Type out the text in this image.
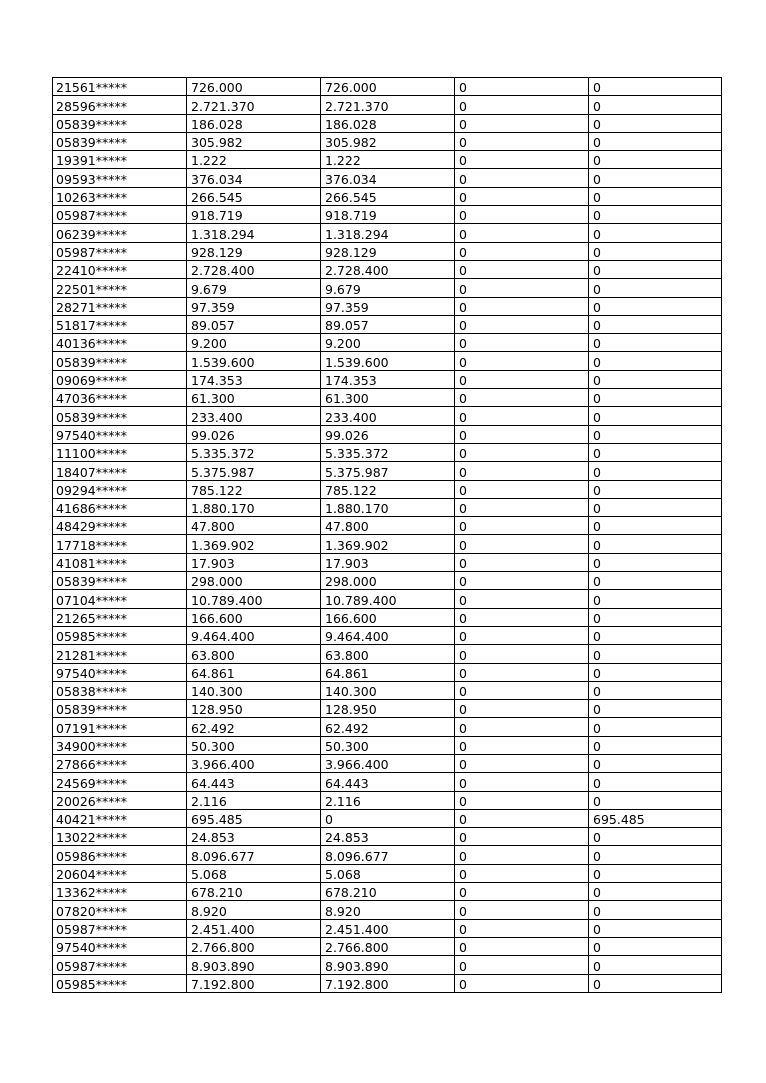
21561*****	726.000	726.000	0	0
28596*****	2.721.370	2.721.370	0	0
05839*****	186.028	186.028	0	0
05839*****	305.982	305.982	0	0
19391*****	1.222	1.222	0	0
09593*****	376.034	376.034	0	0
10263*****	266.545	266.545	0	0
05987*****	918.719	918.719	0	0
06239*****	1.318.294	1.318.294	0	0
05987*****	928.129	928.129	0	0
22410*****	2.728.400	2.728.400	0	0
22501*****	9.679	9.679	0	0
28271*****	97.359	97.359	0	0
51817*****	89.057	89.057	0	0
40136*****	9.200	9.200	0	0
05839*****	1.539.600	1.539.600	0	0
09069*****	174.353	174.353	0	0
47036*****	61.300	61.300	0	0
05839*****	233.400	233.400	0	0
97540*****	99.026	99.026	0	0
11100*****	5.335.372	5.335.372	0	0
18407*****	5.375.987	5.375.987	0	0
09294*****	785.122	785.122	0	0
41686*****	1.880.170	1.880.170	0	0
48429*****	47.800	47.800	0	0
17718*****	1.369.902	1.369.902	0	0
41081*****	17.903	17.903	0	0
05839*****	298.000	298.000	0	0
07104*****	10.789.400	10.789.400	0	0
21265*****	166.600	166.600	0	0
05985*****	9.464.400	9.464.400	0	0
21281*****	63.800	63.800	0	0
97540*****	64.861	64.861	0	0
05838*****	140.300	140.300	0	0
05839*****	128.950	128.950	0	0
07191*****	62.492	62.492	0	0
34900*****	50.300	50.300	0	0
27866*****	3.966.400	3.966.400	0	0
24569*****	64.443	64.443	0	0
20026*****	2.116	2.116	0	0
40421*****	695.485	0	0	695.485
13022*****	24.853	24.853	0	0
05986*****	8.096.677	8.096.677	0	0
20604*****	5.068	5.068	0	0
13362*****	678.210	678.210	0	0
07820*****	8.920	8.920	0	0
05987*****	2.451.400	2.451.400	0	0
97540*****	2.766.800	2.766.800	0	0
05987*****	8.903.890	8.903.890	0	0
05985*****	7.192.800	7.192.800	0	0
